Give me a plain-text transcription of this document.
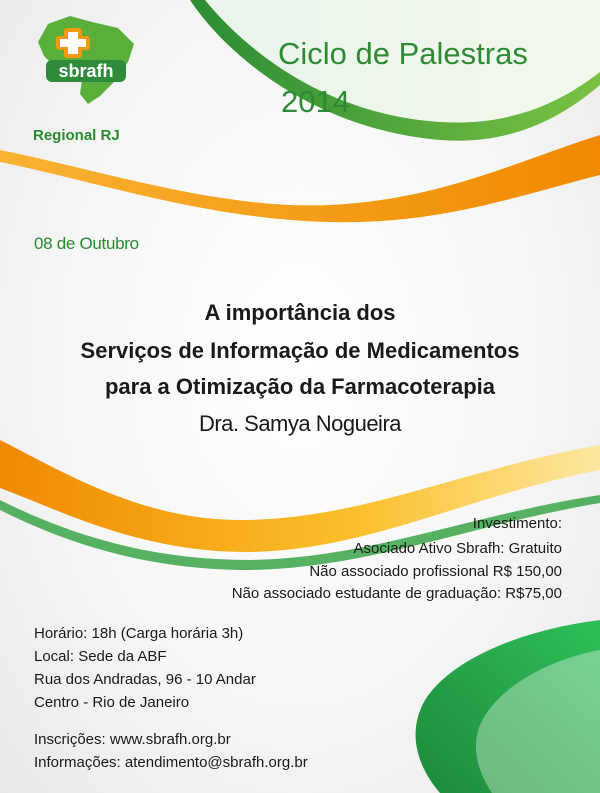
sbrafh
Regional RJ
Ciclo de Palestras
2014
08 de Outubro
A importância dos
Serviços de Informação de Medicamentos
para a Otimização da Farmacoterapia
Dra. Samya Nogueira
Investimento:
Asociado Ativo Sbrafh: Gratuito
Não associado profissional R$ 150,00
Não associado estudante de graduação: R$75,00
Horário: 18h (Carga horária 3h)
Local: Sede da ABF
Rua dos Andradas, 96 - 10 Andar
Centro - Rio de Janeiro
Inscrições: www.sbrafh.org.br
Informações: atendimento@sbrafh.org.br
